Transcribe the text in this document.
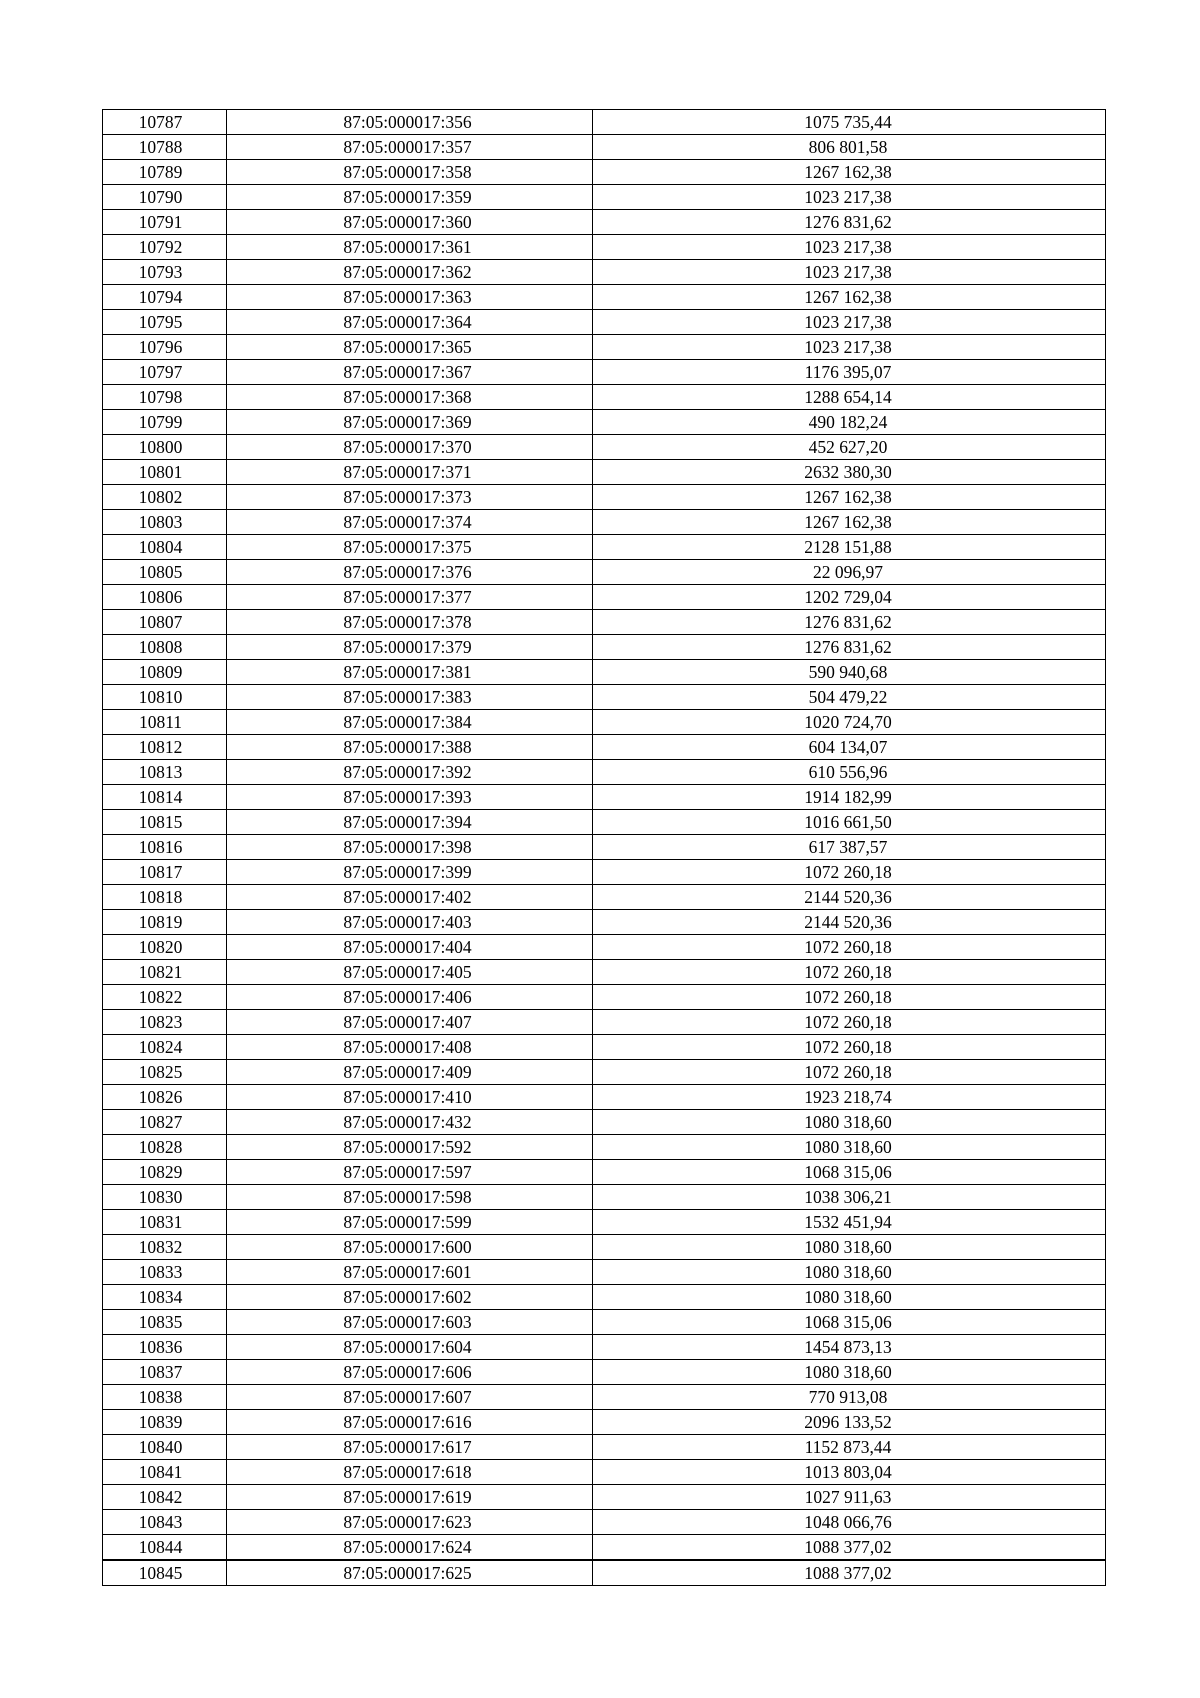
10787	87:05:000017:356	1075 735,44
10788	87:05:000017:357	806 801,58
10789	87:05:000017:358	1267 162,38
10790	87:05:000017:359	1023 217,38
10791	87:05:000017:360	1276 831,62
10792	87:05:000017:361	1023 217,38
10793	87:05:000017:362	1023 217,38
10794	87:05:000017:363	1267 162,38
10795	87:05:000017:364	1023 217,38
10796	87:05:000017:365	1023 217,38
10797	87:05:000017:367	1176 395,07
10798	87:05:000017:368	1288 654,14
10799	87:05:000017:369	490 182,24
10800	87:05:000017:370	452 627,20
10801	87:05:000017:371	2632 380,30
10802	87:05:000017:373	1267 162,38
10803	87:05:000017:374	1267 162,38
10804	87:05:000017:375	2128 151,88
10805	87:05:000017:376	22 096,97
10806	87:05:000017:377	1202 729,04
10807	87:05:000017:378	1276 831,62
10808	87:05:000017:379	1276 831,62
10809	87:05:000017:381	590 940,68
10810	87:05:000017:383	504 479,22
10811	87:05:000017:384	1020 724,70
10812	87:05:000017:388	604 134,07
10813	87:05:000017:392	610 556,96
10814	87:05:000017:393	1914 182,99
10815	87:05:000017:394	1016 661,50
10816	87:05:000017:398	617 387,57
10817	87:05:000017:399	1072 260,18
10818	87:05:000017:402	2144 520,36
10819	87:05:000017:403	2144 520,36
10820	87:05:000017:404	1072 260,18
10821	87:05:000017:405	1072 260,18
10822	87:05:000017:406	1072 260,18
10823	87:05:000017:407	1072 260,18
10824	87:05:000017:408	1072 260,18
10825	87:05:000017:409	1072 260,18
10826	87:05:000017:410	1923 218,74
10827	87:05:000017:432	1080 318,60
10828	87:05:000017:592	1080 318,60
10829	87:05:000017:597	1068 315,06
10830	87:05:000017:598	1038 306,21
10831	87:05:000017:599	1532 451,94
10832	87:05:000017:600	1080 318,60
10833	87:05:000017:601	1080 318,60
10834	87:05:000017:602	1080 318,60
10835	87:05:000017:603	1068 315,06
10836	87:05:000017:604	1454 873,13
10837	87:05:000017:606	1080 318,60
10838	87:05:000017:607	770 913,08
10839	87:05:000017:616	2096 133,52
10840	87:05:000017:617	1152 873,44
10841	87:05:000017:618	1013 803,04
10842	87:05:000017:619	1027 911,63
10843	87:05:000017:623	1048 066,76
10844	87:05:000017:624	1088 377,02
10845	87:05:000017:625	1088 377,02
